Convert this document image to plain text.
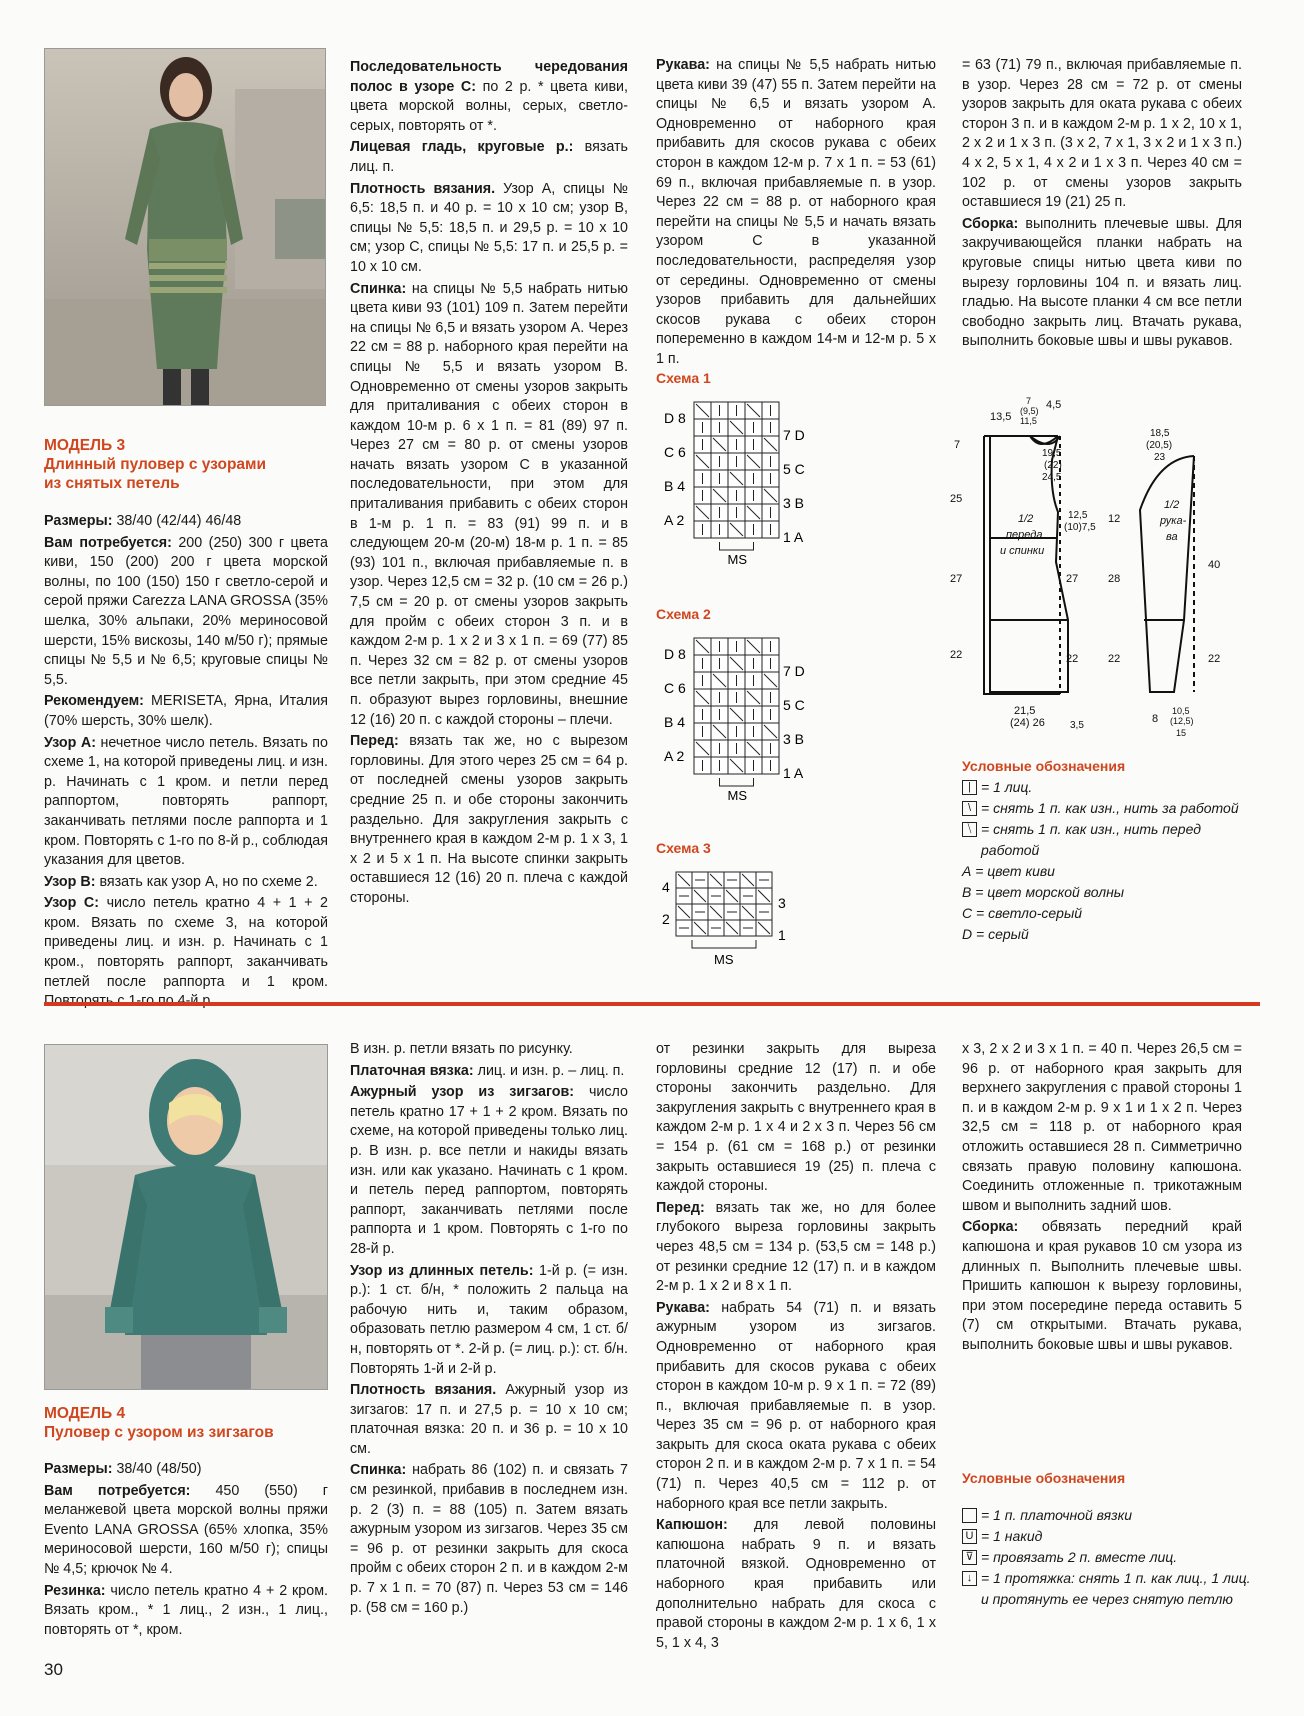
МОДЕЛЬ 3
Длинный пуловер с узорами
из снятых петель

Размеры: 38/40 (42/44) 46/48

Вам потребуется: 200 (250) 300 г цвета киви, 150 (200) 200 г цвета морской волны, по 100 (150) 150 г светло-серой и серой пряжи Carezza LANA GROSSA (35% шелка, 30% альпаки, 20% мериносовой шерсти, 15% вискозы, 140 м/50 г); прямые спицы № 5,5 и № 6,5; круговые спицы № 5,5.

Рекомендуем: MERISETA, Ярна, Италия (70% шерсть, 30% шелк).

Узор А: нечетное число петель. Вязать по схеме 1, на которой приведены лиц. и изн. р. Начинать с 1 кром. и петли перед раппортом, повторять раппорт, заканчивать петлями после раппорта и 1 кром. Повторять с 1-го по 8-й р., соблюдая указания для цветов.

Узор В: вязать как узор А, но по схеме 2.

Узор С: число петель кратно 4 + 1 + 2 кром. Вязать по схеме 3, на которой приведены лиц. и изн. р. Начинать с 1 кром., повторять раппорт, заканчивать петлей после раппорта и 1 кром.

Последовательность чередования полос в узоре С: по 2 р. * цвета киви, цвета морской волны, серых, светло-серых, повторять от *.

Лицевая гладь, круговые р.: вязать лиц. п.

Плотность вязания. Узор А, спицы № 6,5: 18,5 п. и 40 р. = 10 х 10 см; узор В, спицы № 5,5: 18,5 п. и 29,5 р. = 10 х 10 см; узор С, спицы № 5,5: 17 п. и 25,5 р. = 10 х 10 см.

Спинка: на спицы № 5,5 набрать нитью цвета киви 93 (101) 109 п. Затем перейти на спицы № 6,5 и вязать узором А. Через 22 см = 88 р. наборного края перейти на спицы № 5,5 и вязать узором В. Одновременно от смены узоров закрыть для приталивания с обеих сторон в каждом 10-м р. 6 х 1 п. = 81 (89) 97 п. Через 27 см = 80 р. от смены узоров начать вязать узором С в указанной последовательности, при этом для приталивания прибавить с обеих сторон в 1-м р. 1 п. = 83 (91) 99 п. и в следующем 20-м (20-м) 18-м р. 1 п. = 85 (93) 101 п., включая прибавляемые п. в узор. Через 12,5 см = 32 р. (10 см = 26 р.) 7,5 см = 20 р. от смены узоров закрыть для пройм с обеих сторон 3 п. и в каждом 2-м р. 1 х 2 и 3 х 1 п. = 69 (77) 85 п. Через 32 см = 82 р. от смены узоров все петли закрыть, при этом средние 45 п. образуют вырез горловины, внешние 12 (16) 20 п. с каждой стороны – плечи.

Перед: вязать так же, но с вырезом горловины. Для этого через 25 см = 64 р. от последней смены узоров закрыть средние 25 п. и обе стороны закончить раздельно. Для закругления закрыть с внутреннего края в каждом 2-м р. 1 х 3, 1 х 2 и 5 х 1 п. На высоте спинки закрыть оставшиеся 12 (16) 20 п. плеча с каждой стороны.

Рукава: на спицы № 5,5 набрать нитью цвета киви 39 (47) 55 п. Затем перейти на спицы № 6,5 и вязать узором А. Одновременно от наборного края прибавить для скосов рукава с обеих сторон в каждом 12-м р. 7 х 1 п. = 53 (61) 69 п., включая прибавляемые п. в узор. Через 22 см = 88 р. от наборного края перейти на спицы № 5,5 и начать вязать узором С в указанной последовательности, распределяя узор от середины. Одновременно от смены узоров прибавить для дальнейших скосов рукава с обеих сторон попеременно в каждом 14-м и 12-м р. 5 х 1 п.

= 63 (71) 79 п., включая прибавляемые п. в узор. Через 28 см = 72 р. от смены узоров закрыть для оката рукава с обеих сторон 3 п. и в каждом 2-м р. 1 х 2, 10 х 1, 2 х 2 и 1 х 3 п. (3 х 2, 7 х 1, 3 х 2 и 1 х 3 п.) 4 х 2, 5 х 1, 4 х 2 и 1 х 3 п. Через 40 см = 102 р. от смены узоров закрыть оставшиеся 19 (21) 25 п.

Сборка: выполнить плечевые швы. Для закручивающейся планки набрать на круговые спицы нитью цвета киви по вырезу горловины 104 п. и вязать лиц. гладью. На высоте планки 4 см все петли свободно закрыть лиц. Втачать рукава, выполнить боковые швы и швы рукавов.

Схема 1
Схема 2
Схема 3
D 8
C 6
B 4
A 2
7 D
5 C
3 B
1 A
MS
D 8
C 6
B 4
A 2
7 D
5 C
3 B
1 A
MS
4
2
3
1
MS
1/2
переда
и спинки
1/2
рука-
ва
13,5
7
(9,5)
11,5
4,5
7
25
27
22
19,5
(22)
24,5
12,5
(10)7,5
27
22
21,5
(24) 26	3,5
18,5
(20,5)
23
12
28
22
40
22
8
10,5
(12,5)
15
Условные обозначения
| = 1 лиц.
\ = снять 1 п. как изн., нить за работой
⧹ = снять 1 п. как изн., нить перед работой
А = цвет киви
В = цвет морской волны
С = светло-серый
D = серый
МОДЕЛЬ 4
Пуловер с узором из зигзагов

Размеры: 38/40 (48/50)

Вам потребуется: 450 (550) г меланжевой цвета морской волны пряжи Evento LANA GROSSA (65% хлопка, 35% мериносовой шерсти, 160 м/50 г); спицы № 4,5; крючок № 4.

Резинка: число петель кратно 4 + 2 кром. Вязать кром., * 1 лиц., 2 изн., 1 лиц., повторять от *, кром.

В изн. р. петли вязать по рисунку.

Платочная вязка: лиц. и изн. р. – лиц. п.

Ажурный узор из зигзагов: число петель кратно 17 + 1 + 2 кром. Вязать по схеме, на которой приведены только лиц. р. В изн. р. все петли и накиды вязать изн. или как указано. Начинать с 1 кром. и петель перед раппортом, повторять раппорт, заканчивать петлями после раппорта и 1 кром. Повторять с 1-го по 28-й р.

Узор из длинных петель: 1-й р. (= изн. р.): 1 ст. б/н, * положить 2 пальца на рабочую нить и, таким образом, образовать петлю размером 4 см, 1 ст. б/н, повторять от *. 2-й р. (= лиц. р.): ст. б/н. Повторять 1-й и 2-й р.

Плотность вязания. Ажурный узор из зигзагов: 17 п. и 27,5 р. = 10 х 10 см; платочная вязка: 20 п. и 36 р. = 10 х 10 см.

Спинка: набрать 86 (102) п. и связать 7 см резинкой, прибавив в последнем изн. р. 2 (3) п. = 88 (105) п. Затем вязать ажурным узором из зигзагов. Через 35 см = 96 р. от резинки закрыть для скоса пройм с обеих сторон 2 п. и в каждом 2-м р. 7 х 1 п. = 70 (87) п. Через 53 см = 146 р. (58 см = 160 р.)

от резинки закрыть для выреза горловины средние 12 (17) п. и обе стороны закончить раздельно. Для закругления закрыть с внутреннего края в каждом 2-м р. 1 х 4 и 2 х 3 п. Через 56 см = 154 р. (61 см = 168 р.) от резинки закрыть оставшиеся 19 (25) п. плеча с каждой стороны.

Перед: вязать так же, но для более глубокого выреза горловины закрыть через 48,5 см = 134 р. (53,5 см = 148 р.) от резинки средние 12 (17) п. и в каждом 2-м р. 1 х 2 и 8 х 1 п.

Рукава: набрать 54 (71) п. и вязать ажурным узором из зигзагов. Одновременно от наборного края прибавить для скосов рукава с обеих сторон в каждом 10-м р. 9 х 1 п. = 72 (89) п., включая прибавляемые п. в узор. Через 35 см = 96 р. от наборного края закрыть для скоса оката рукава с обеих сторон 2 п. и в каждом 2-м р. 7 х 1 п. = 54 (71) п. Через 40,5 см = 112 р. от наборного края все петли закрыть.

Капюшон: для левой половины капюшона набрать 9 п. и вязать платочной вязкой. Одновременно от наборного края прибавить или дополнительно набрать для скоса с правой стороны в каждом 2-м р. 1 х 6, 1 х 5, 1 х 4, 3

х 3, 2 х 2 и 3 х 1 п. = 40 п. Через 26,5 см = 96 р. от наборного края закрыть для верхнего закругления с правой стороны 1 п. и в каждом 2-м р. 9 х 1 и 1 х 2 п. Через 32,5 см = 118 р. от наборного края отложить оставшиеся 28 п. Симметрично связать правую половину капюшона. Соединить отложенные п. трикотажным швом и выполнить задний шов.

Сборка: обвязать передний край капюшона и края рукавов 10 см узора из длинных п. Выполнить плечевые швы. Пришить капюшон к вырезу горловины, при этом посередине переда оставить 5 (7) см открытыми. Втачать рукава, выполнить боковые швы и швы рукавов.

Условные обозначения
= 1 п. платочной вязки
U = 1 накид
⊽ = провязать 2 п. вместе лиц.
↓ = 1 протяжка: снять 1 п. как лиц., 1 лиц. и протянуть ее через снятую петлю
30
